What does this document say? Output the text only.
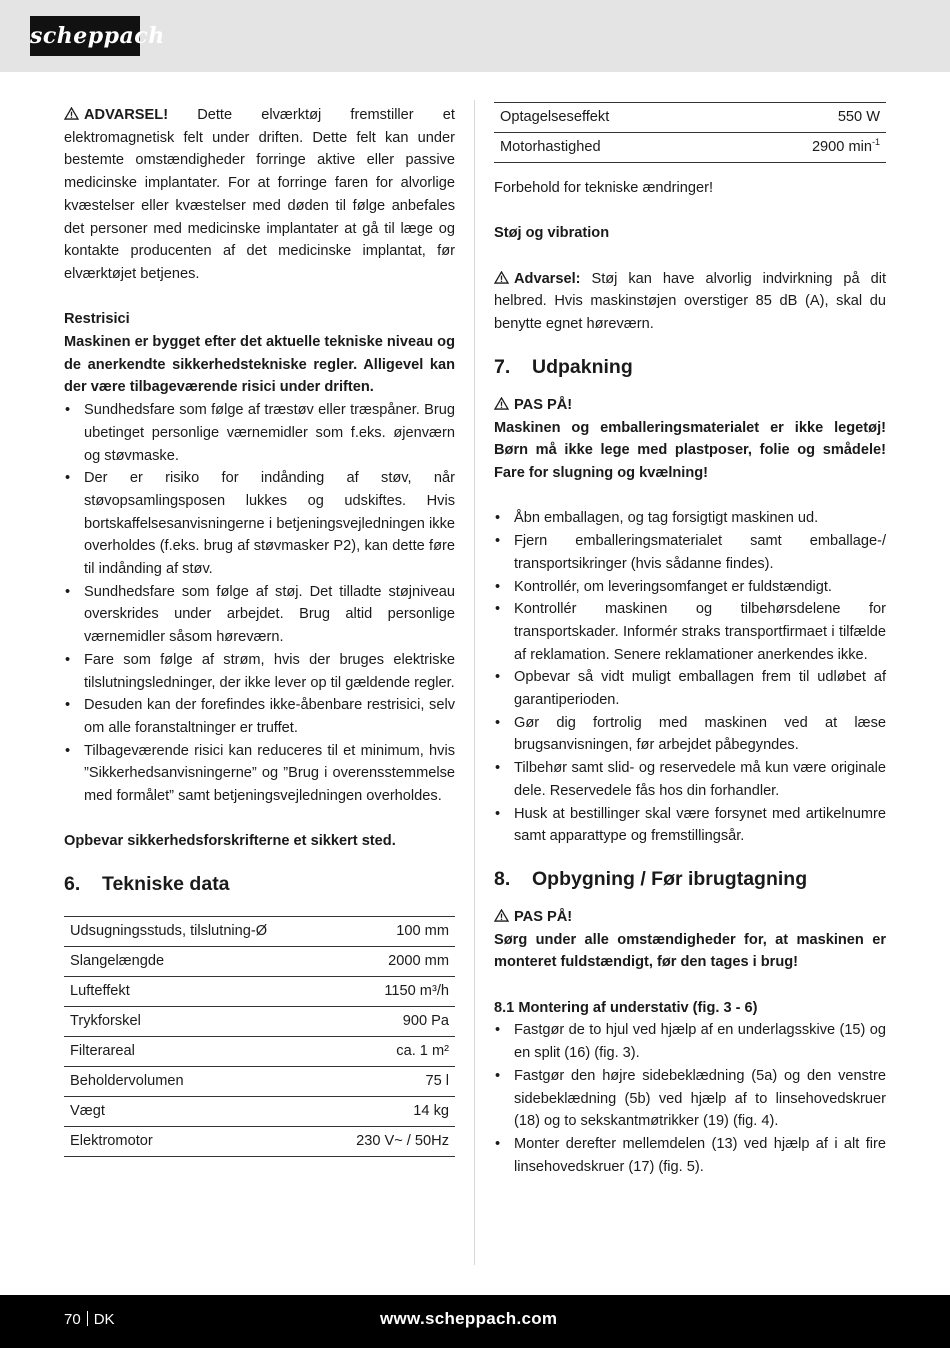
scheppach

ADVARSEL! Dette elværktøj fremstiller et elektromagnetisk felt under driften. Dette felt kan under bestemte omstændigheder forringe aktive eller passive medicinske implantater. For at forringe faren for alvorlige kvæstelser eller kvæstelser med døden til følge anbefales det personer med medicinske implantater at gå til læge og kontakte producenten af det medicinske implantat, før elværktøjet betjenes.

Restrisici

Maskinen er bygget efter det aktuelle tekniske niveau og de anerkendte sikkerhedstekniske regler. Alligevel kan der være tilbageværende risici under driften.

• Sundhedsfare som følge af træstøv eller træspåner. Brug ubetinget personlige værnemidler som f.eks. øjenværn og støvmaske.
• Der er risiko for indånding af støv, når støvopsamlingsposen lukkes og udskiftes. Hvis bortskaffelsesanvisningerne i betjeningsvejledningen ikke overholdes (f.eks. brug af støvmasker P2), kan dette føre til indånding af støv.
• Sundhedsfare som følge af støj. Det tilladte støjniveau overskrides under arbejdet. Brug altid personlige værnemidler såsom høreværn.
• Fare som følge af strøm, hvis der bruges elektriske tilslutningsledninger, der ikke lever op til gældende regler.
• Desuden kan der forefindes ikke-åbenbare restrisici, selv om alle foranstaltninger er truffet.
• Tilbageværende risici kan reduceres til et minimum, hvis ”Sikkerhedsanvisningerne” og ”Brug i overensstemmelse med formålet” samt betjeningsvejledningen overholdes.

Opbevar sikkerhedsforskrifterne et sikkert sted.

6. Tekniske data
Udsugningsstuds, tilslutning-Ø	100 mm
Slangelængde	2000 mm
Lufteffekt	1150 m³/h
Trykforskel	900 Pa
Filterareal	ca. 1 m²
Beholdervolumen	75 l
Vægt	14 kg
Elektromotor	230 V~ / 50Hz
Optagelseseffekt	550 W
Motorhastighed	2900 $\min^{-1}$

Forbehold for tekniske ændringer!

Støj og vibration

Advarsel: Støj kan have alvorlig indvirkning på dit helbred. Hvis maskinstøjen overstiger 85 dB (A), skal du benytte egnet høreværn.

7. Udpakning

PAS PÅ!

Maskinen og emballeringsmaterialet er ikke legetøj! Børn må ikke lege med plastposer, folie og smådele! Fare for slugning og kvælning!

• Åbn emballagen, og tag forsigtigt maskinen ud.
• Fjern emballeringsmaterialet samt emballage-/ transportsikringer (hvis sådanne findes).
• Kontrollér, om leveringsomfanget er fuldstændigt.
• Kontrollér maskinen og tilbehørsdelene for transportskader. Informér straks transportfirmaet i tilfælde af reklamation. Senere reklamationer anerkendes ikke.
• Opbevar så vidt muligt emballagen frem til udløbet af garantiperioden.
• Gør dig fortrolig med maskinen ved at læse brugsanvisningen, før arbejdet påbegyndes.
• Tilbehør samt slid- og reservedele må kun være originale dele. Reservedele fås hos din forhandler.
• Husk at bestillinger skal være forsynet med artikelnumre samt apparattype og fremstillingsår.
8. Opbygning / Før ibrugtagning

PAS PÅ!

Sørg under alle omstændigheder for, at maskinen er monteret fuldstændigt, før den tages i brug!

8.1 Montering af understativ (fig. 3 - 6)

• Fastgør de to hjul ved hjælp af en underlagsskive (15) og en split (16) (fig. 3).
• Fastgør den højre sidebeklædning (5a) og den venstre sidebeklædning (5b) ved hjælp af to linsehovedskruer (18) og to sekskantmøtrikker (19) (fig. 4).
• Monter derefter mellemdelen (13) ved hjælp af i alt fire linsehovedskruer (17) (fig. 5).
70 DK	www.scheppach.com
